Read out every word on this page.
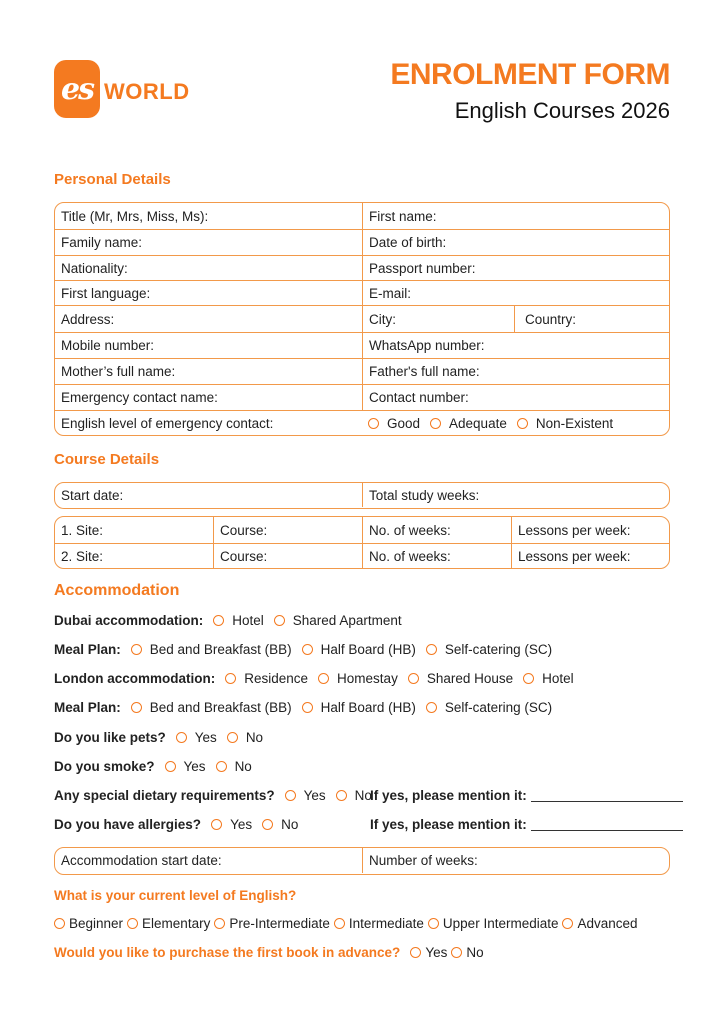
es WORLD
ENROLMENT FORM
English Courses 2026
Personal Details
Title (Mr, Mrs, Miss, Ms):	First name:
Family name:	Date of birth:
Nationality:	Passport number:
First language:	E-mail:
Address:	City:	Country:
Mobile number:	WhatsApp number:
Mother’s full name:	Father's full name:
Emergency contact name:	Contact number:
English level of emergency contact:	Good Adequate Non-Existent
Course Details
Start date:	Total study weeks:
1. Site:	Course:	No. of weeks:	Lessons per week:
2. Site:	Course:	No. of weeks:	Lessons per week:
Accommodation
Dubai accommodation: Hotel Shared Apartment
Meal Plan: Bed and Breakfast (BB) Half Board (HB) Self-catering (SC)
London accommodation: Residence Homestay Shared House Hotel
Meal Plan: Bed and Breakfast (BB) Half Board (HB) Self-catering (SC)
Do you like pets? Yes No
Do you smoke? Yes No
Any special dietary requirements? Yes No
If yes, please mention it:
Do you have allergies? Yes No	If yes, please mention it:
Accommodation start date:	Number of weeks:
What is your current level of English?
Beginner Elementary Pre-Intermediate Intermediate Upper Intermediate Advanced
Would you like to purchase the first book in advance? Yes No
